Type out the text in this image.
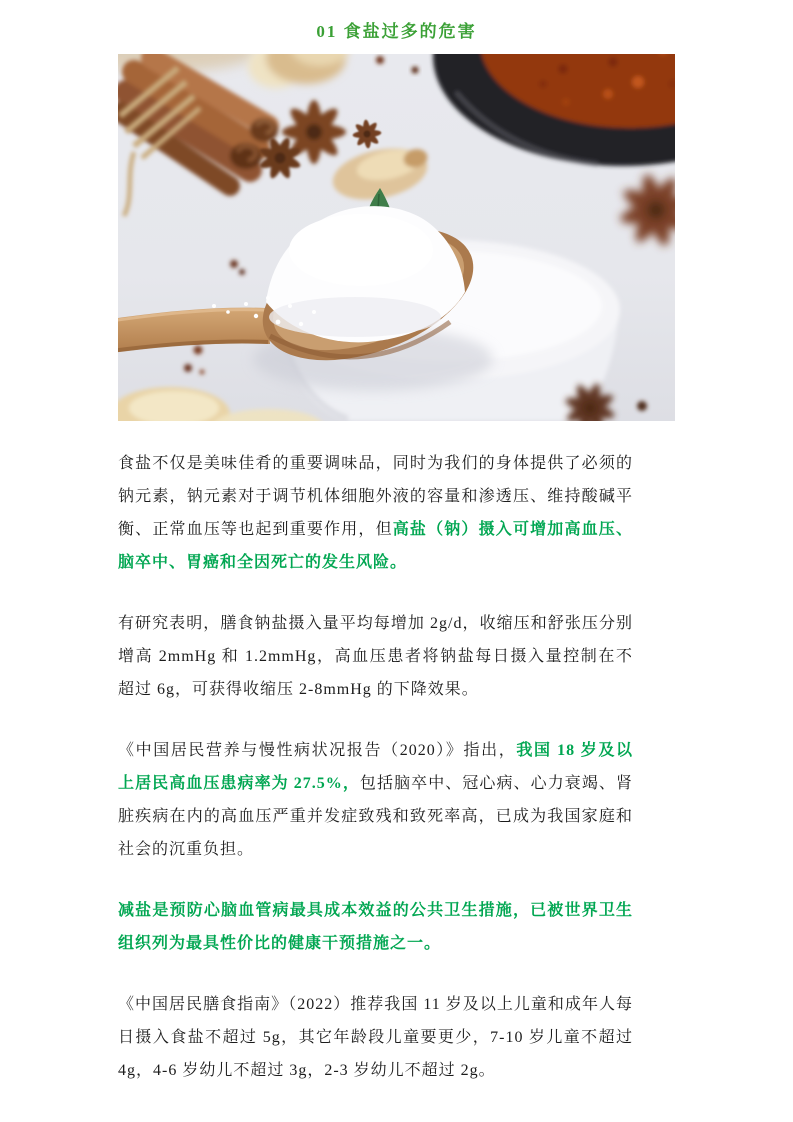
01 食盐过多的危害

食盐不仅是美味佳肴的重要调味品，同时为我们的身体提供了必须的钠元素，钠元素对于调节机体细胞外液的容量和渗透压、维持酸碱平衡、正常血压等也起到重要作用，但高盐（钠）摄入可增加高血压、脑卒中、胃癌和全因死亡的发生风险。

有研究表明，膳食钠盐摄入量平均每增加 2g/d，收缩压和舒张压分别增高 2mmHg 和 1.2mmHg，高血压患者将钠盐每日摄入量控制在不超过 6g，可获得收缩压 2-8mmHg 的下降效果。

《中国居民营养与慢性病状况报告（2020）》指出，我国 18 岁及以上居民高血压患病率为 27.5%，包括脑卒中、冠心病、心力衰竭、肾脏疾病在内的高血压严重并发症致残和致死率高，已成为我国家庭和社会的沉重负担。

减盐是预防心脑血管病最具成本效益的公共卫生措施，已被世界卫生组织列为最具性价比的健康干预措施之一。

《中国居民膳食指南》（2022）推荐我国 11 岁及以上儿童和成年人每日摄入食盐不超过 5g，其它年龄段儿童要更少，7-10 岁儿童不超过 4g，4-6 岁幼儿不超过 3g，2-3 岁幼儿不超过 2g。
